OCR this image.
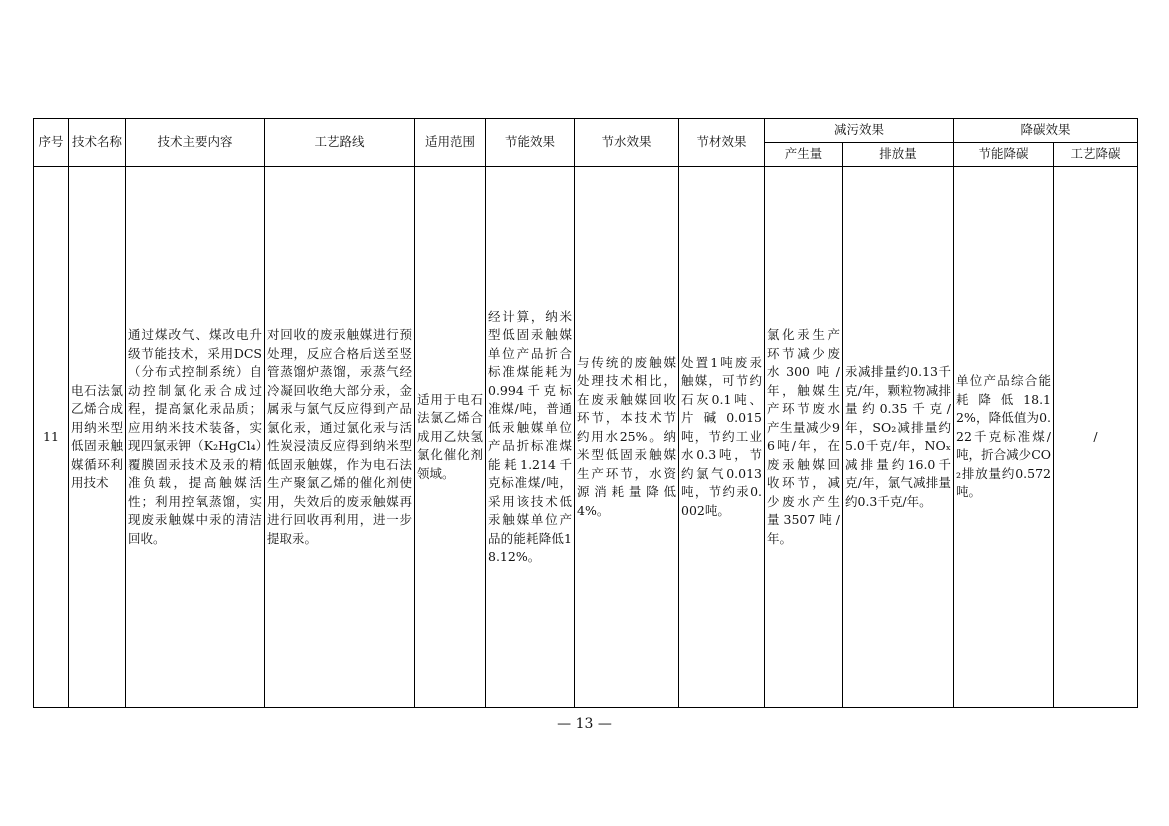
序号	技术名称	技术主要内容	工艺路线	适用范围	节能效果	节水效果	节材效果	减污效果		降碳效果	
								产生量	排放量	节能降碳	工艺降碳
11	电石法氯乙烯合成用纳米型低固汞触媒循环利用技术	通过煤改气、煤改电升级节能技术，采用DCS（分布式控制系统）自动控制氯化汞合成过程，提高氯化汞品质；应用纳米技术装备，实现四氯汞钾（K₂HgCl₄）覆膜固汞技术及汞的精准负载，提高触媒活性；利用控氧蒸馏，实现废汞触媒中汞的清洁回收。	对回收的废汞触媒进行预处理，反应合格后送至竖管蒸馏炉蒸馏，汞蒸气经冷凝回收绝大部分汞，金属汞与氯气反应得到产品氯化汞，通过氯化汞与活性炭浸渍反应得到纳米型低固汞触媒，作为电石法生产聚氯乙烯的催化剂使用，失效后的废汞触媒再进行回收再利用，进一步提取汞。	适用于电石法氯乙烯合成用乙炔氢氯化催化剂领域。	经计算，纳米型低固汞触媒单位产品折合标准煤能耗为0.994千克标准煤/吨，普通低汞触媒单位产品折标准煤能耗1.214千克标准煤/吨，采用该技术低汞触媒单位产品的能耗降低18.12%。	与传统的废触媒处理技术相比，在废汞触媒回收环节，本技术节约用水25%。纳米型低固汞触媒生产环节，水资源消耗量降低4%。	处置1吨废汞触媒，可节约石灰0.1吨、片碱0.015吨，节约工业水0.3吨，节约氯气0.013吨，节约汞0.002吨。	氯化汞生产环节减少废水300吨/年，触媒生产环节废水产生量减少96吨/年，在废汞触媒回收环节，减少废水产生量3507吨/年。	汞减排量约0.13千克/年，颗粒物减排量约0.35千克/年，SO₂减排量约5.0千克/年，NOₓ减排量约16.0千克/年，氯气减排量约0.3千克/年。	单位产品综合能耗降低18.12%，降低值为0.22千克标准煤/吨，折合减少CO₂排放量约0.572吨。	/
— 13 —
